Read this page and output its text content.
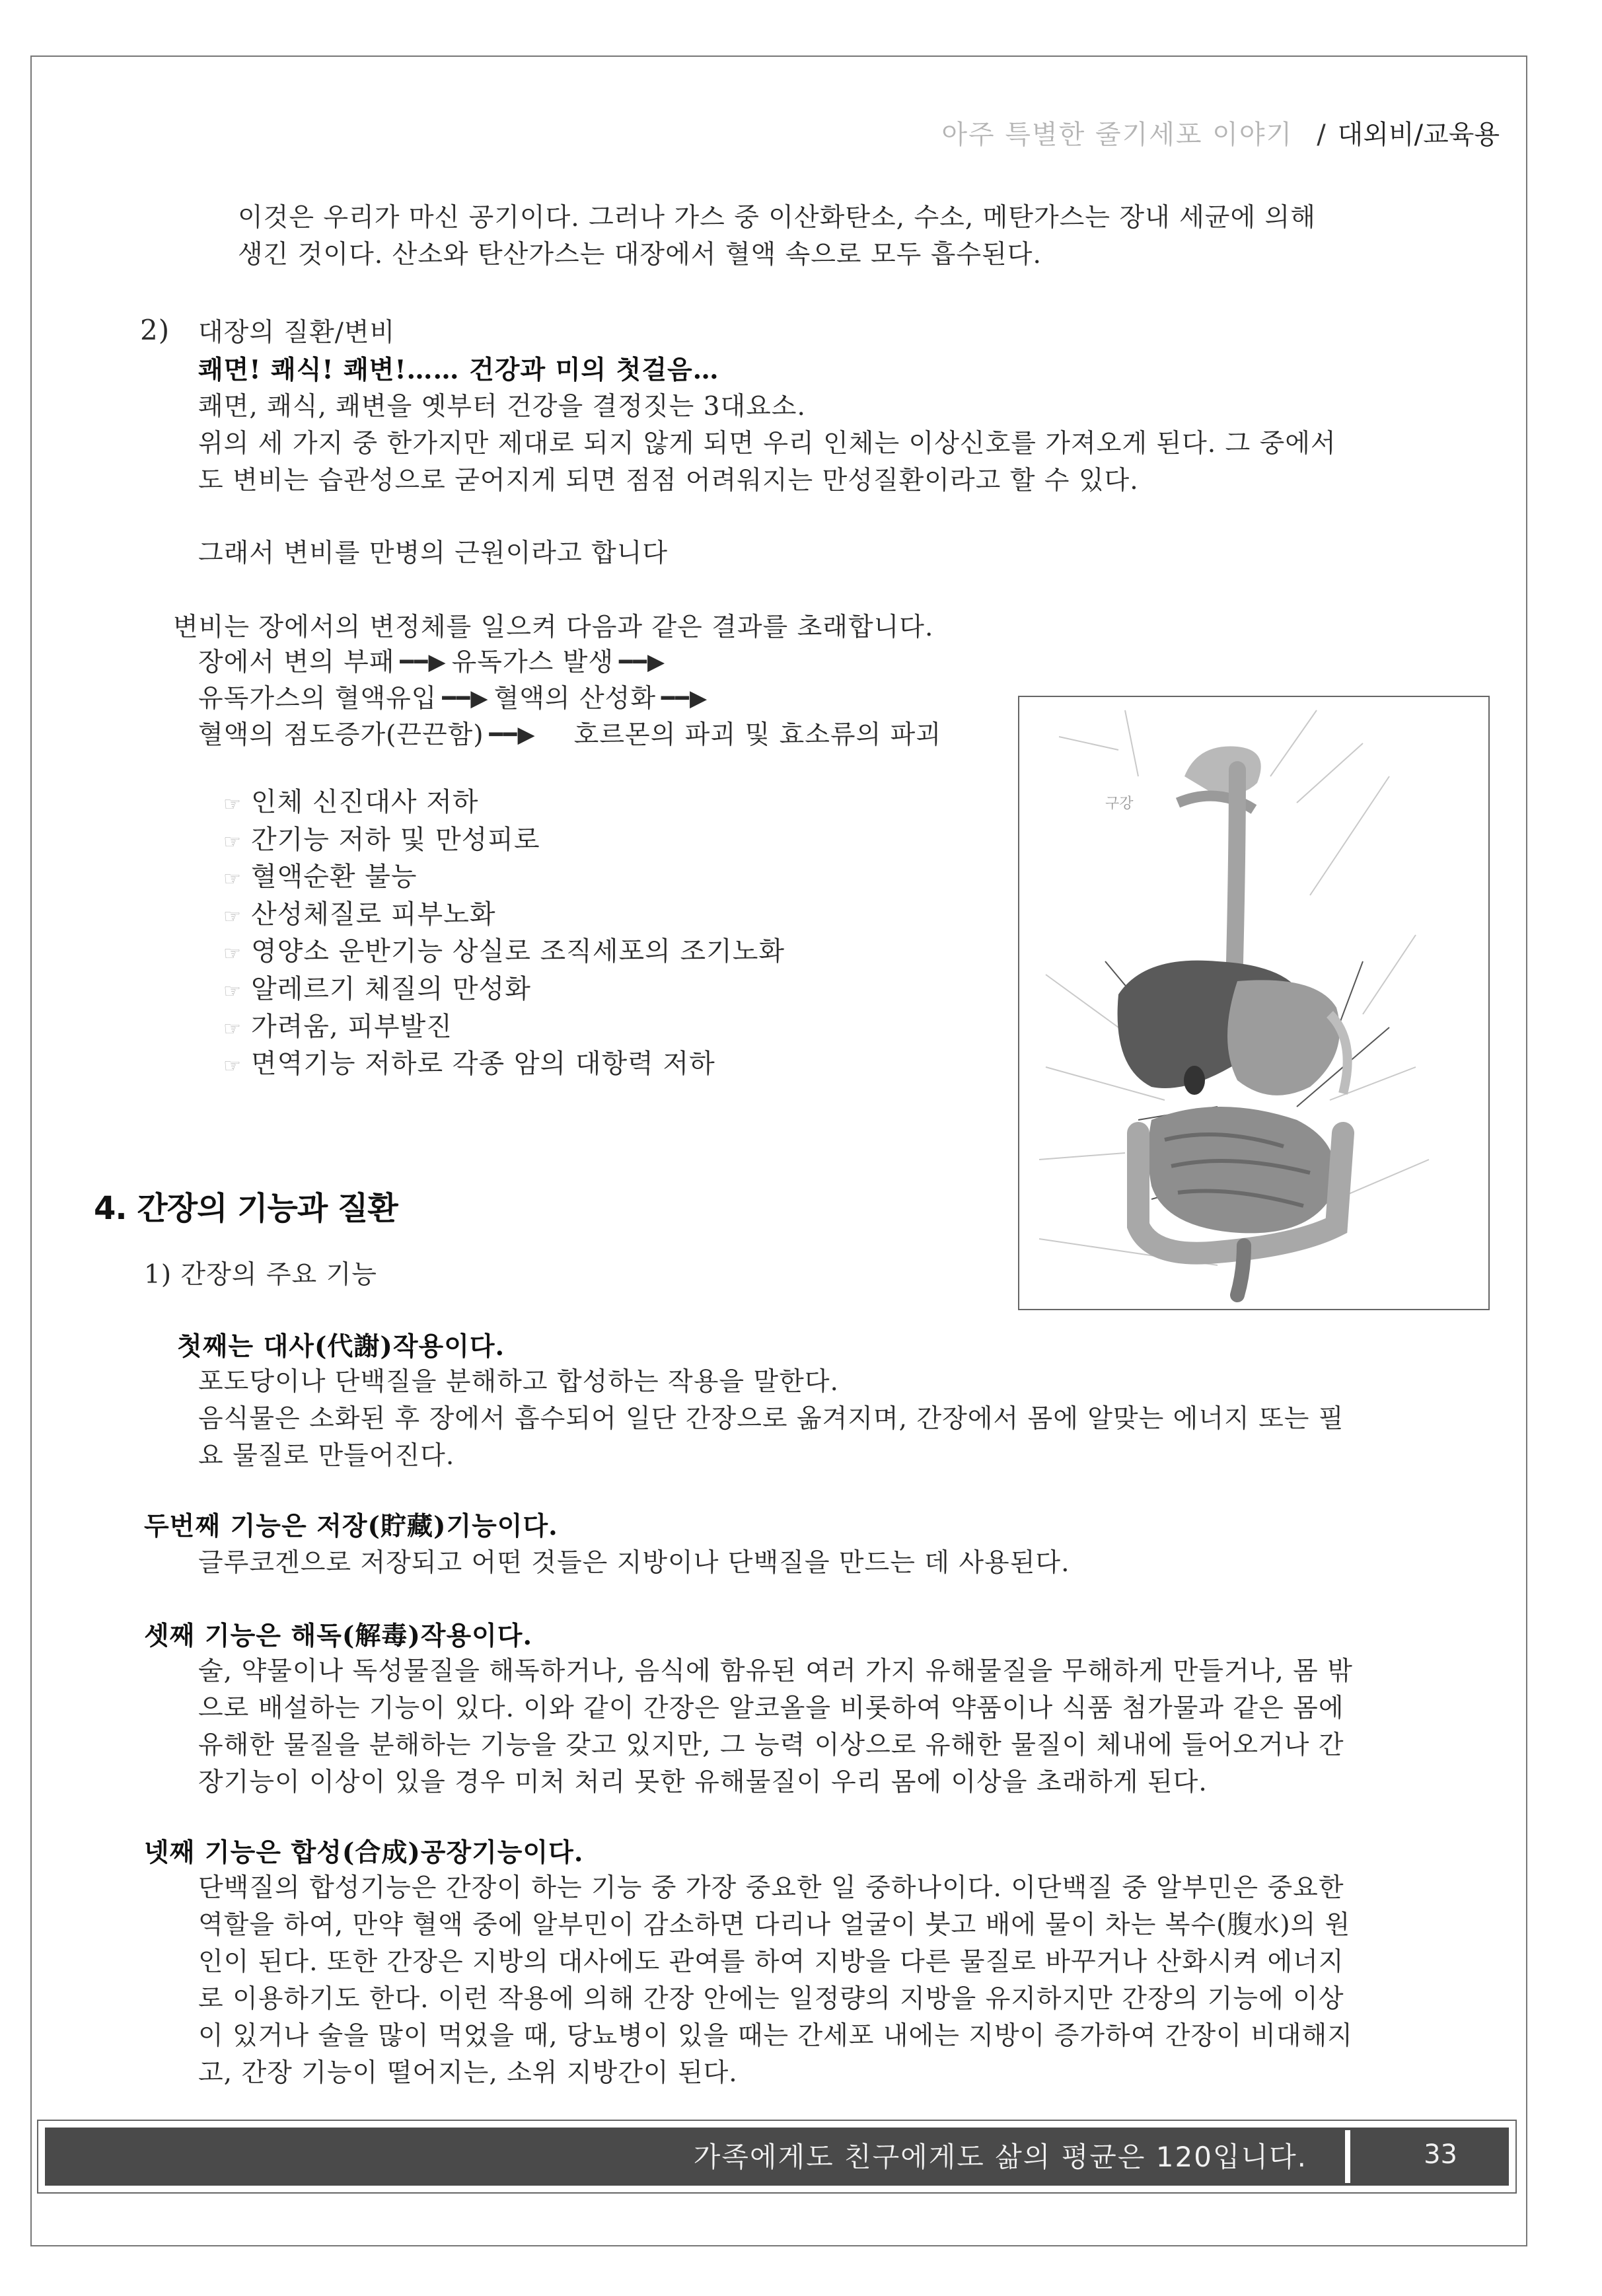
아주 특별한 줄기세포 이야기 / 대외비/교육용
이것은 우리가 마신 공기이다. 그러나 가스 중 이산화탄소, 수소, 메탄가스는 장내 세균에 의해
생긴 것이다. 산소와 탄산가스는 대장에서 혈액 속으로 모두 흡수된다.
2) 대장의 질환/변비
쾌면! 쾌식! 쾌변!…… 건강과 미의 첫걸음…
쾌면, 쾌식, 쾌변을 옛부터 건강을 결정짓는 3대요소.
위의 세 가지 중 한가지만 제대로 되지 않게 되면 우리 인체는 이상신호를 가져오게 된다. 그 중에서
도 변비는 습관성으로 굳어지게 되면 점점 어려워지는 만성질환이라고 할 수 있다.
그래서 변비를 만병의 근원이라고 합니다
변비는 장에서의 변정체를 일으켜 다음과 같은 결과를 초래합니다.
장에서 변의 부패 ━━▶ 유독가스 발생 ━━▶
유독가스의 혈액유입 ━━▶ 혈액의 산성화 ━━▶
혈액의 점도증가(끈끈함) ━━▶ 호르몬의 파괴 및 효소류의 파괴
☞ 인체 신진대사 저하
☞ 간기능 저하 및 만성피로
☞ 혈액순환 불능
☞ 산성체질로 피부노화
☞ 영양소 운반기능 상실로 조직세포의 조기노화
☞ 알레르기 체질의 만성화
☞ 가려움, 피부발진
☞ 면역기능 저하로 각종 암의 대항력 저하
구강
4. 간장의 기능과 질환
1) 간장의 주요 기능
첫째는 대사(代謝)작용이다.
포도당이나 단백질을 분해하고 합성하는 작용을 말한다.
음식물은 소화된 후 장에서 흡수되어 일단 간장으로 옮겨지며, 간장에서 몸에 알맞는 에너지 또는 필
요 물질로 만들어진다.
두번째 기능은 저장(貯藏)기능이다.
글루코겐으로 저장되고 어떤 것들은 지방이나 단백질을 만드는 데 사용된다.
셋째 기능은 해독(解毒)작용이다.
술, 약물이나 독성물질을 해독하거나, 음식에 함유된 여러 가지 유해물질을 무해하게 만들거나, 몸 밖
으로 배설하는 기능이 있다. 이와 같이 간장은 알코올을 비롯하여 약품이나 식품 첨가물과 같은 몸에
유해한 물질을 분해하는 기능을 갖고 있지만, 그 능력 이상으로 유해한 물질이 체내에 들어오거나 간
장기능이 이상이 있을 경우 미처 처리 못한 유해물질이 우리 몸에 이상을 초래하게 된다.
넷째 기능은 합성(合成)공장기능이다.
단백질의 합성기능은 간장이 하는 기능 중 가장 중요한 일 중하나이다. 이단백질 중 알부민은 중요한
역할을 하여, 만약 혈액 중에 알부민이 감소하면 다리나 얼굴이 붓고 배에 물이 차는 복수(腹水)의 원
인이 된다. 또한 간장은 지방의 대사에도 관여를 하여 지방을 다른 물질로 바꾸거나 산화시켜 에너지
로 이용하기도 한다. 이런 작용에 의해 간장 안에는 일정량의 지방을 유지하지만 간장의 기능에 이상
이 있거나 술을 많이 먹었을 때, 당뇨병이 있을 때는 간세포 내에는 지방이 증가하여 간장이 비대해지
고, 간장 기능이 떨어지는, 소위 지방간이 된다.
가족에게도 친구에게도 삶의 평균은 120입니다.	33
